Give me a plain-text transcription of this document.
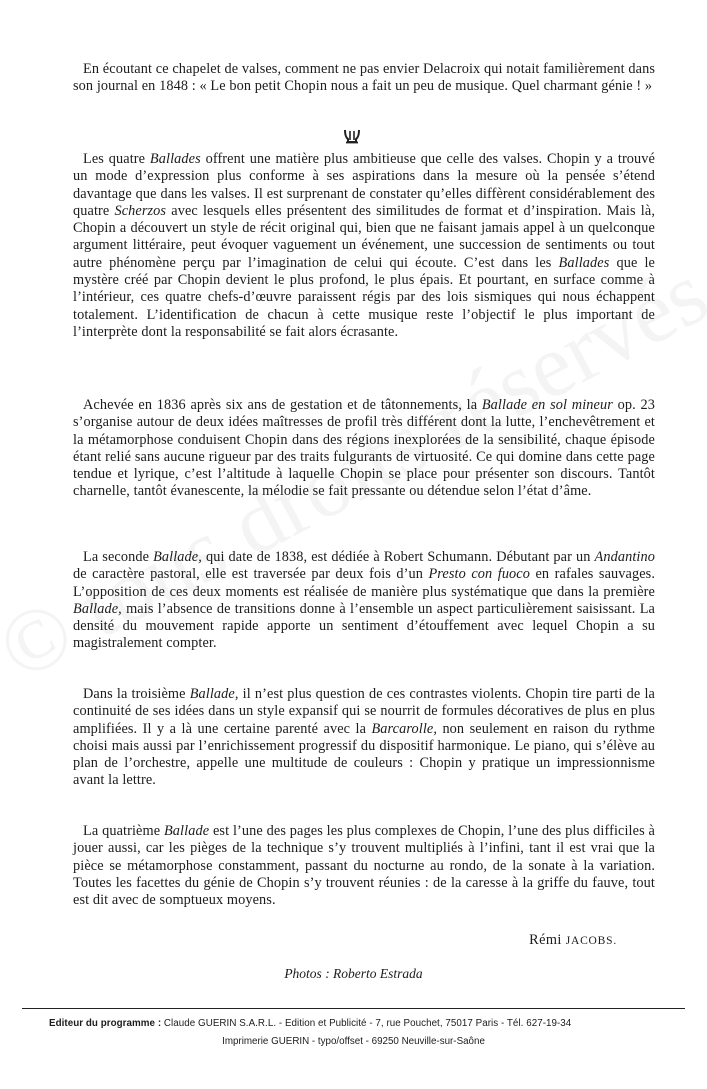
En écoutant ce chapelet de valses, comment ne pas envier Delacroix qui notait familièrement dans son journal en 1848 : « Le bon petit Chopin nous a fait un peu de musique. Quel charmant génie ! »

Les quatre Ballades offrent une matière plus ambitieuse que celle des valses. Chopin y a trouvé un mode d’expression plus conforme à ses aspirations dans la mesure où la pensée s’étend davantage que dans les valses. Il est surprenant de constater qu’elles diffèrent considérablement des quatre Scherzos avec lesquels elles présentent des similitudes de format et d’inspiration. Mais là, Chopin a découvert un style de récit original qui, bien que ne faisant jamais appel à un quelconque argument littéraire, peut évoquer vaguement un événement, une succession de sentiments ou tout autre phénomène perçu par l’imagination de celui qui écoute. C’est dans les Ballades que le mystère créé par Chopin devient le plus profond, le plus épais. Et pourtant, en surface comme à l’intérieur, ces quatre chefs-d’œuvre paraissent régis par des lois sismiques qui nous échappent totalement. L’identification de chacun à cette musique reste l’objectif le plus important de l’interprète dont la responsabilité se fait alors écrasante.

Achevée en 1836 après six ans de gestation et de tâtonnements, la Ballade en sol mineur op. 23 s’organise autour de deux idées maîtresses de profil très différent dont la lutte, l’enchevêtrement et la métamorphose conduisent Chopin dans des régions inexplorées de la sensibilité, chaque épisode étant relié sans aucune rigueur par des traits fulgurants de virtuosité. Ce qui domine dans cette page tendue et lyrique, c’est l’altitude à laquelle Chopin se place pour présenter son discours. Tantôt charnelle, tantôt évanescente, la mélodie se fait pressante ou détendue selon l’état d’âme.

La seconde Ballade, qui date de 1838, est dédiée à Robert Schumann. Débutant par un Andantino de caractère pastoral, elle est traversée par deux fois d’un Presto con fuoco en rafales sauvages. L’opposition de ces deux moments est réalisée de manière plus systématique que dans la première Ballade, mais l’absence de transitions donne à l’ensemble un aspect particulièrement saisissant. La densité du mouvement rapide apporte un sentiment d’étouffement avec lequel Chopin a su magistralement compter.

Dans la troisième Ballade, il n’est plus question de ces contrastes violents. Chopin tire parti de la continuité de ses idées dans un style expansif qui se nourrit de formules décoratives de plus en plus amplifiées. Il y a là une certaine parenté avec la Barcarolle, non seulement en raison du rythme choisi mais aussi par l’enrichissement progressif du dispositif harmonique. Le piano, qui s’élève au plan de l’orchestre, appelle une multitude de couleurs : Chopin y pratique un impressionnisme avant la lettre.

La quatrième Ballade est l’une des pages les plus complexes de Chopin, l’une des plus difficiles à jouer aussi, car les pièges de la technique s’y trouvent multipliés à l’infini, tant il est vrai que la pièce se métamorphose constamment, passant du nocturne au rondo, de la sonate à la variation. Toutes les facettes du génie de Chopin s’y trouvent réunies : de la caresse à la griffe du fauve, tout est dit avec de somptueux moyens.

Rémi JACOBS.
Photos : Roberto Estrada
Editeur du programme : Claude GUERIN S.A.R.L. - Edition et Publicité - 7, rue Pouchet, 75017 Paris - Tél. 627-19-34
Imprimerie GUERIN - typo/offset - 69250 Neuville-sur-Saône
